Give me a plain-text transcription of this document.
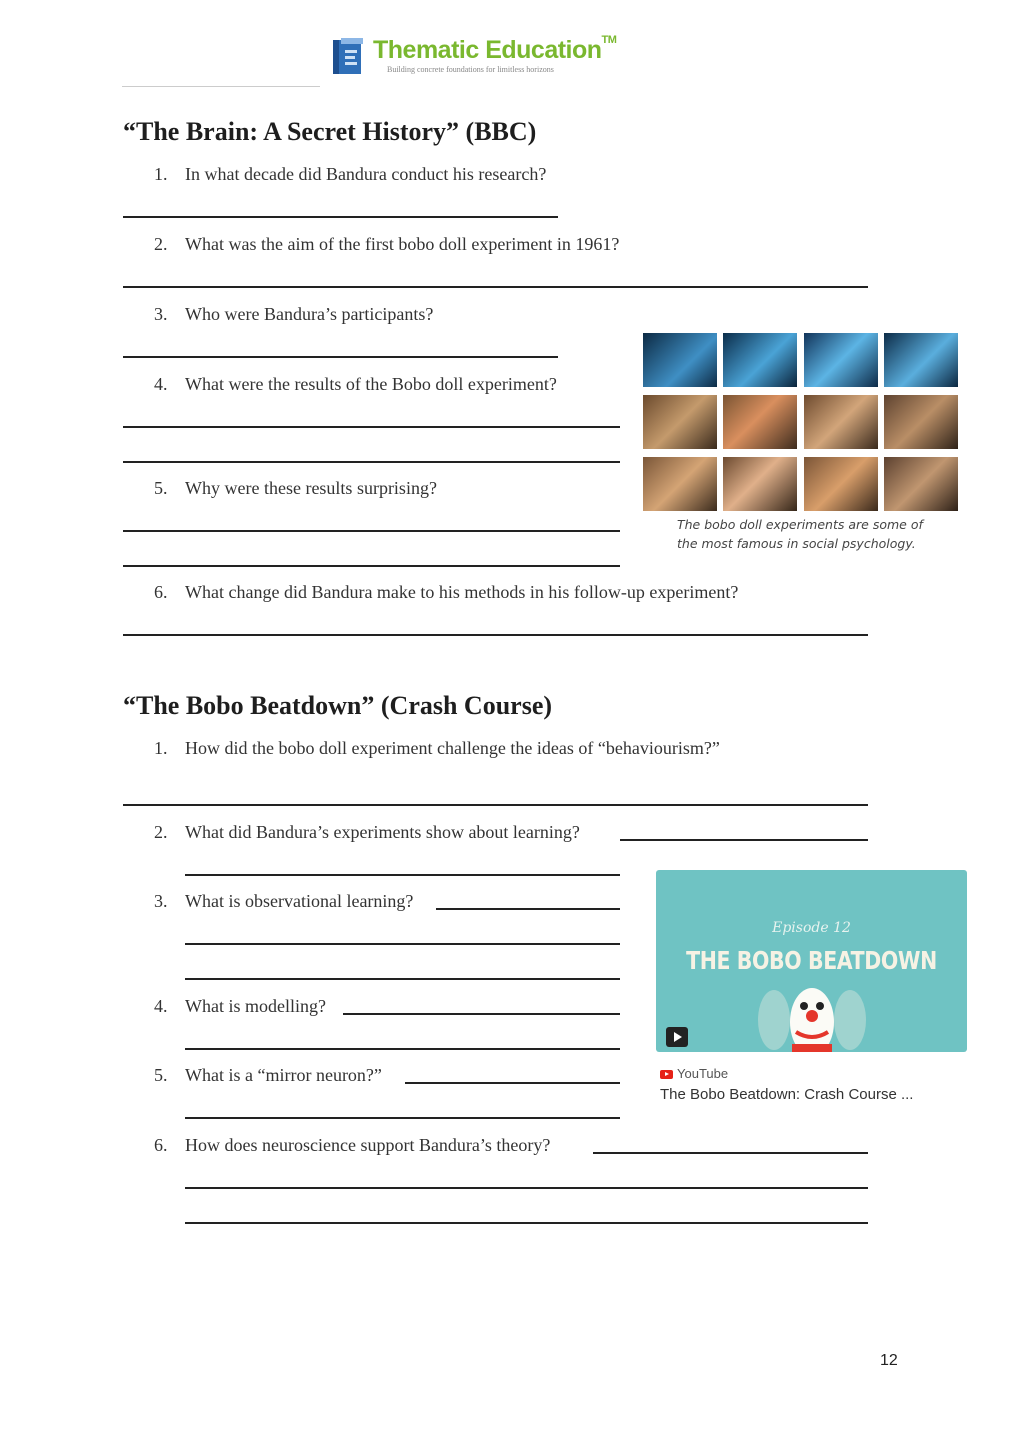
Thematic Education™
Building concrete foundations for limitless horizons
“The Brain: A Secret History” (BBC)
1. In what decade did Bandura conduct his research?
2. What was the aim of the first bobo doll experiment in 1961?
3. Who were Bandura’s participants?
4. What were the results of the Bobo doll experiment?
5. Why were these results surprising?
6. What change did Bandura make to his methods in his follow-up experiment?
The bobo doll experiments are some of
the most famous in social psychology.
“The Bobo Beatdown” (Crash Course)
1. How did the bobo doll experiment challenge the ideas of “behaviourism?”
2. What did Bandura’s experiments show about learning?
3. What is observational learning?
4. What is modelling?
5. What is a “mirror neuron?”
6. How does neuroscience support Bandura’s theory?
Episode 12
THE BOBO BEATDOWN
YouTube
The Bobo Beatdown: Crash Course ...
12
